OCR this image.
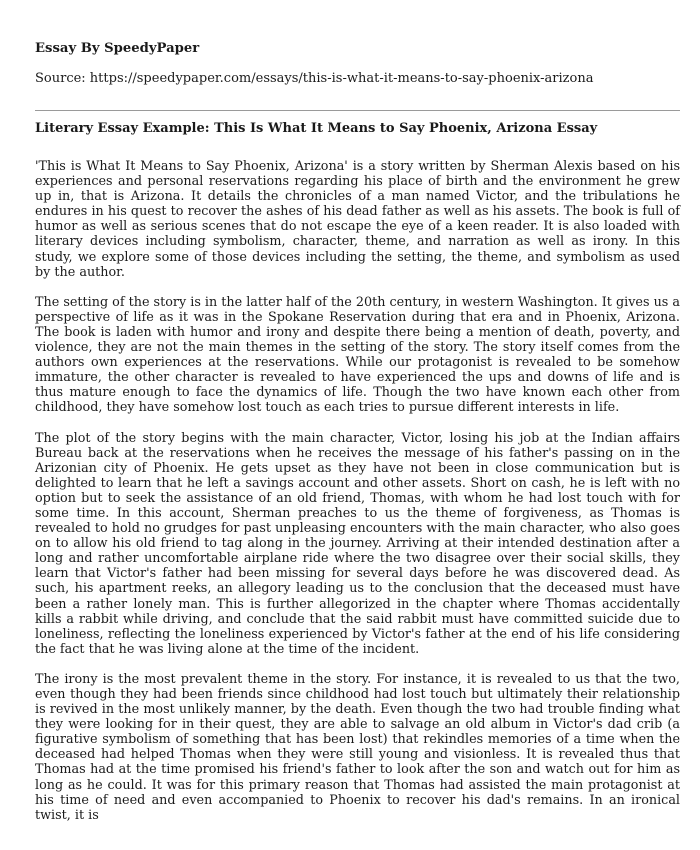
Essay By SpeedyPaper
Source: https://speedypaper.com/essays/this-is-what-it-means-to-say-phoenix-arizona
Literary Essay Example: This Is What It Means to Say Phoenix, Arizona Essay

'This is What It Means to Say Phoenix, Arizona' is a story written by Sherman Alexis based on his experiences and personal reservations regarding his place of birth and the environment he grew up in, that is Arizona. It details the chronicles of a man named Victor, and the tribulations he endures in his quest to recover the ashes of his dead father as well as his assets. The book is full of humor as well as serious scenes that do not escape the eye of a keen reader. It is also loaded with literary devices including symbolism, character, theme, and narration as well as irony. In this study, we explore some of those devices including the setting, the theme, and symbolism as used by the author.

The setting of the story is in the latter half of the 20th century, in western Washington. It gives us a perspective of life as it was in the Spokane Reservation during that era and in Phoenix, Arizona. The book is laden with humor and irony and despite there being a mention of death, poverty, and violence, they are not the main themes in the setting of the story. The story itself comes from the authors own experiences at the reservations. While our protagonist is revealed to be somehow immature, the other character is revealed to have experienced the ups and downs of life and is thus mature enough to face the dynamics of life. Though the two have known each other from childhood, they have somehow lost touch as each tries to pursue different interests in life.

The plot of the story begins with the main character, Victor, losing his job at the Indian affairs Bureau back at the reservations when he receives the message of his father's passing on in the Arizonian city of Phoenix. He gets upset as they have not been in close communication but is delighted to learn that he left a savings account and other assets. Short on cash, he is left with no option but to seek the assistance of an old friend, Thomas, with whom he had lost touch with for some time. In this account, Sherman preaches to us the theme of forgiveness, as Thomas is revealed to hold no grudges for past unpleasing encounters with the main character, who also goes on to allow his old friend to tag along in the journey. Arriving at their intended destination after a long and rather uncomfortable airplane ride where the two disagree over their social skills, they learn that Victor's father had been missing for several days before he was discovered dead. As such, his apartment reeks, an allegory leading us to the conclusion that the deceased must have been a rather lonely man. This is further allegorized in the chapter where Thomas accidentally kills a rabbit while driving, and conclude that the said rabbit must have committed suicide due to loneliness, reflecting the loneliness experienced by Victor's father at the end of his life considering the fact that he was living alone at the time of the incident.

The irony is the most prevalent theme in the story. For instance, it is revealed to us that the two, even though they had been friends since childhood had lost touch but ultimately their relationship is revived in the most unlikely manner, by the death. Even though the two had trouble finding what they were looking for in their quest, they are able to salvage an old album in Victor's dad crib (a figurative symbolism of something that has been lost) that rekindles memories of a time when the deceased had helped Thomas when they were still young and visionless. It is revealed thus that Thomas had at the time promised his friend's father to look after the son and watch out for him as long as he could. It was for this primary reason that Thomas had assisted the main protagonist at his time of need and even accompanied to Phoenix to recover his dad's remains. In an ironical twist, it is
